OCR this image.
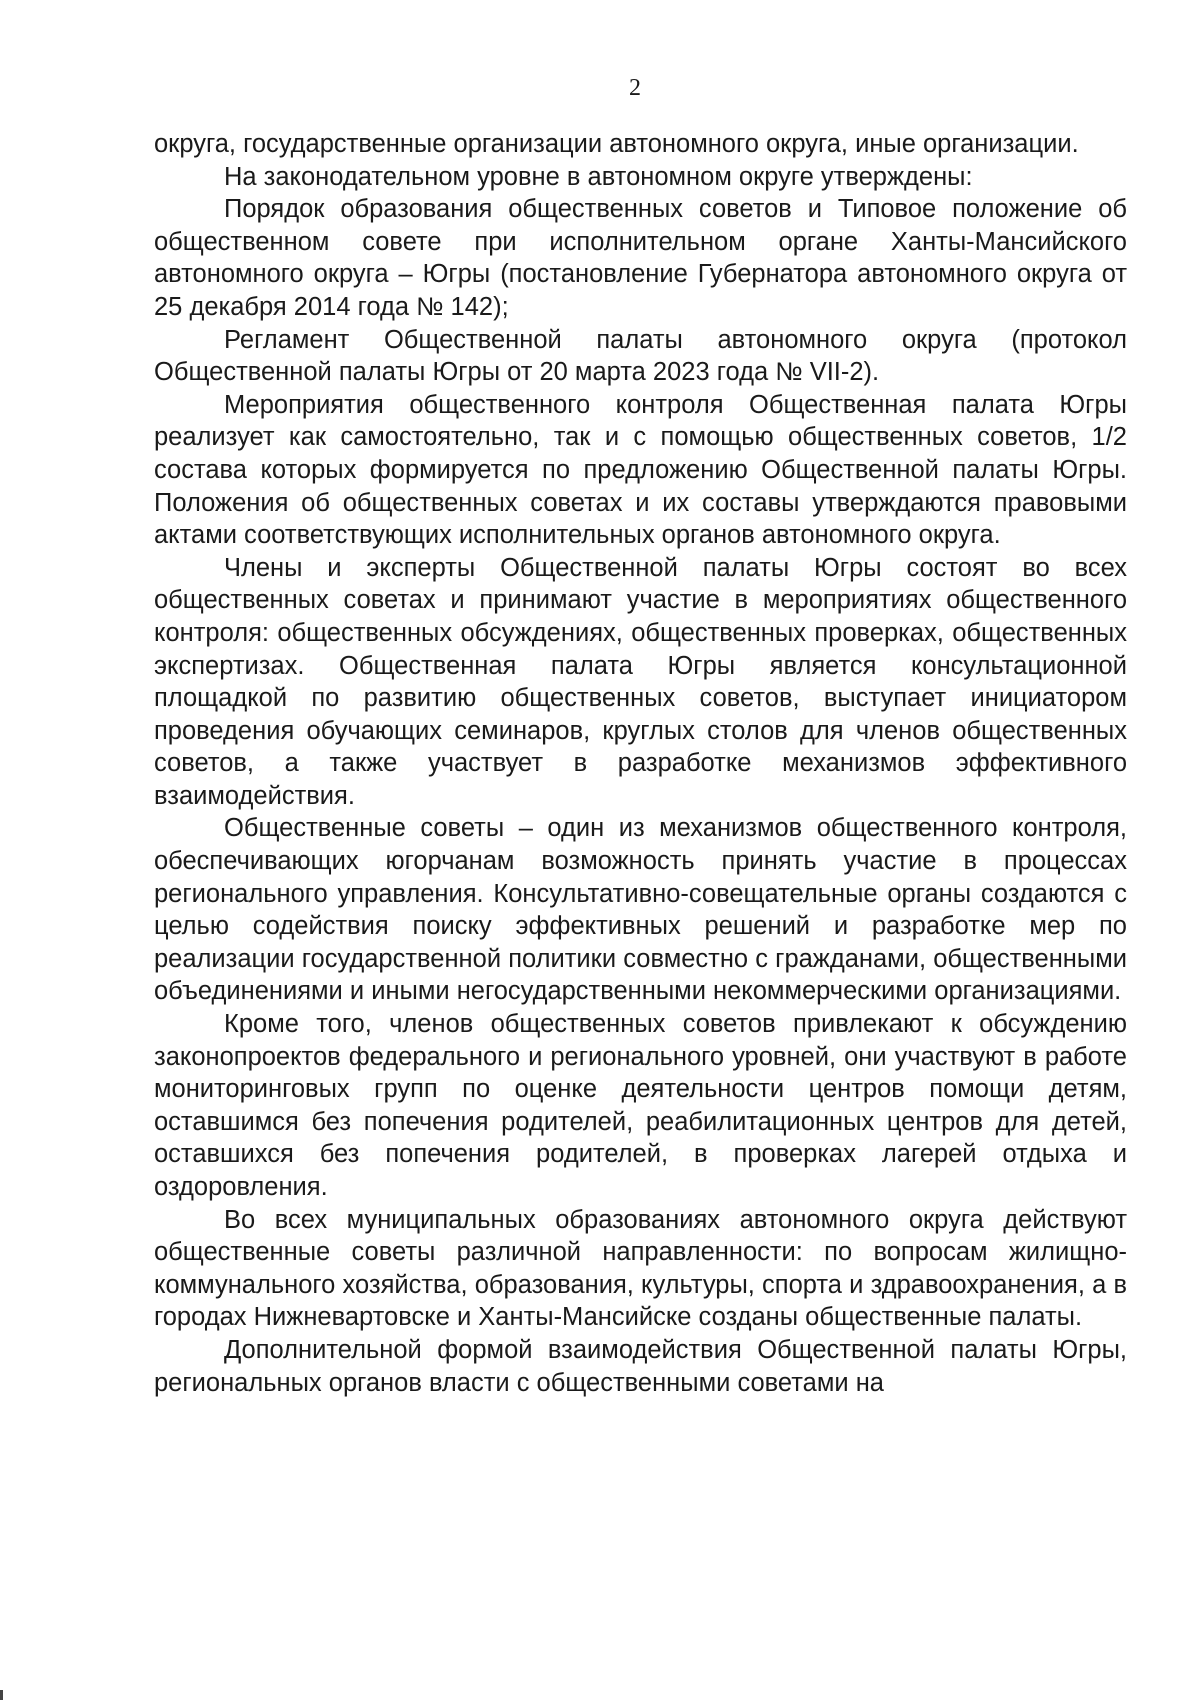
2

округа, государственные организации автономного округа, иные организации.

На законодательном уровне в автономном округе утверждены:

Порядок образования общественных советов и Типовое положение об общественном совете при исполнительном органе Ханты-Мансийского автономного округа – Югры (постановление Губернатора автономного округа от 25 декабря 2014 года № 142);

Регламент Общественной палаты автономного округа (протокол Общественной палаты Югры от 20 марта 2023 года № VII-2).

Мероприятия общественного контроля Общественная палата Югры реализует как самостоятельно, так и с помощью общественных советов, 1/2 состава которых формируется по предложению Общественной палаты Югры. Положения об общественных советах и их составы утверждаются правовыми актами соответствующих исполнительных органов автономного округа.

Члены и эксперты Общественной палаты Югры состоят во всех общественных советах и принимают участие в мероприятиях общественного контроля: общественных обсуждениях, общественных проверках, общественных экспертизах. Общественная палата Югры является консультационной площадкой по развитию общественных советов, выступает инициатором проведения обучающих семинаров, круглых столов для членов общественных советов, а также участвует в разработке механизмов эффективного взаимодействия.

Общественные советы – один из механизмов общественного контроля, обеспечивающих югорчанам возможность принять участие в процессах регионального управления. Консультативно-совещательные органы создаются с целью содействия поиску эффективных решений и разработке мер по реализации государственной политики совместно с гражданами, общественными объединениями и иными негосударственными некоммерческими организациями.

Кроме того, членов общественных советов привлекают к обсуждению законопроектов федерального и регионального уровней, они участвуют в работе мониторинговых групп по оценке деятельности центров помощи детям, оставшимся без попечения родителей, реабилитационных центров для детей, оставшихся без попечения родителей, в проверках лагерей отдыха и оздоровления.

Во всех муниципальных образованиях автономного округа действуют общественные советы различной направленности: по вопросам жилищно-коммунального хозяйства, образования, культуры, спорта и здравоохранения, а в городах Нижневартовске и Ханты-Мансийске созданы общественные палаты.

Дополнительной формой взаимодействия Общественной палаты Югры, региональных органов власти с общественными советами на
